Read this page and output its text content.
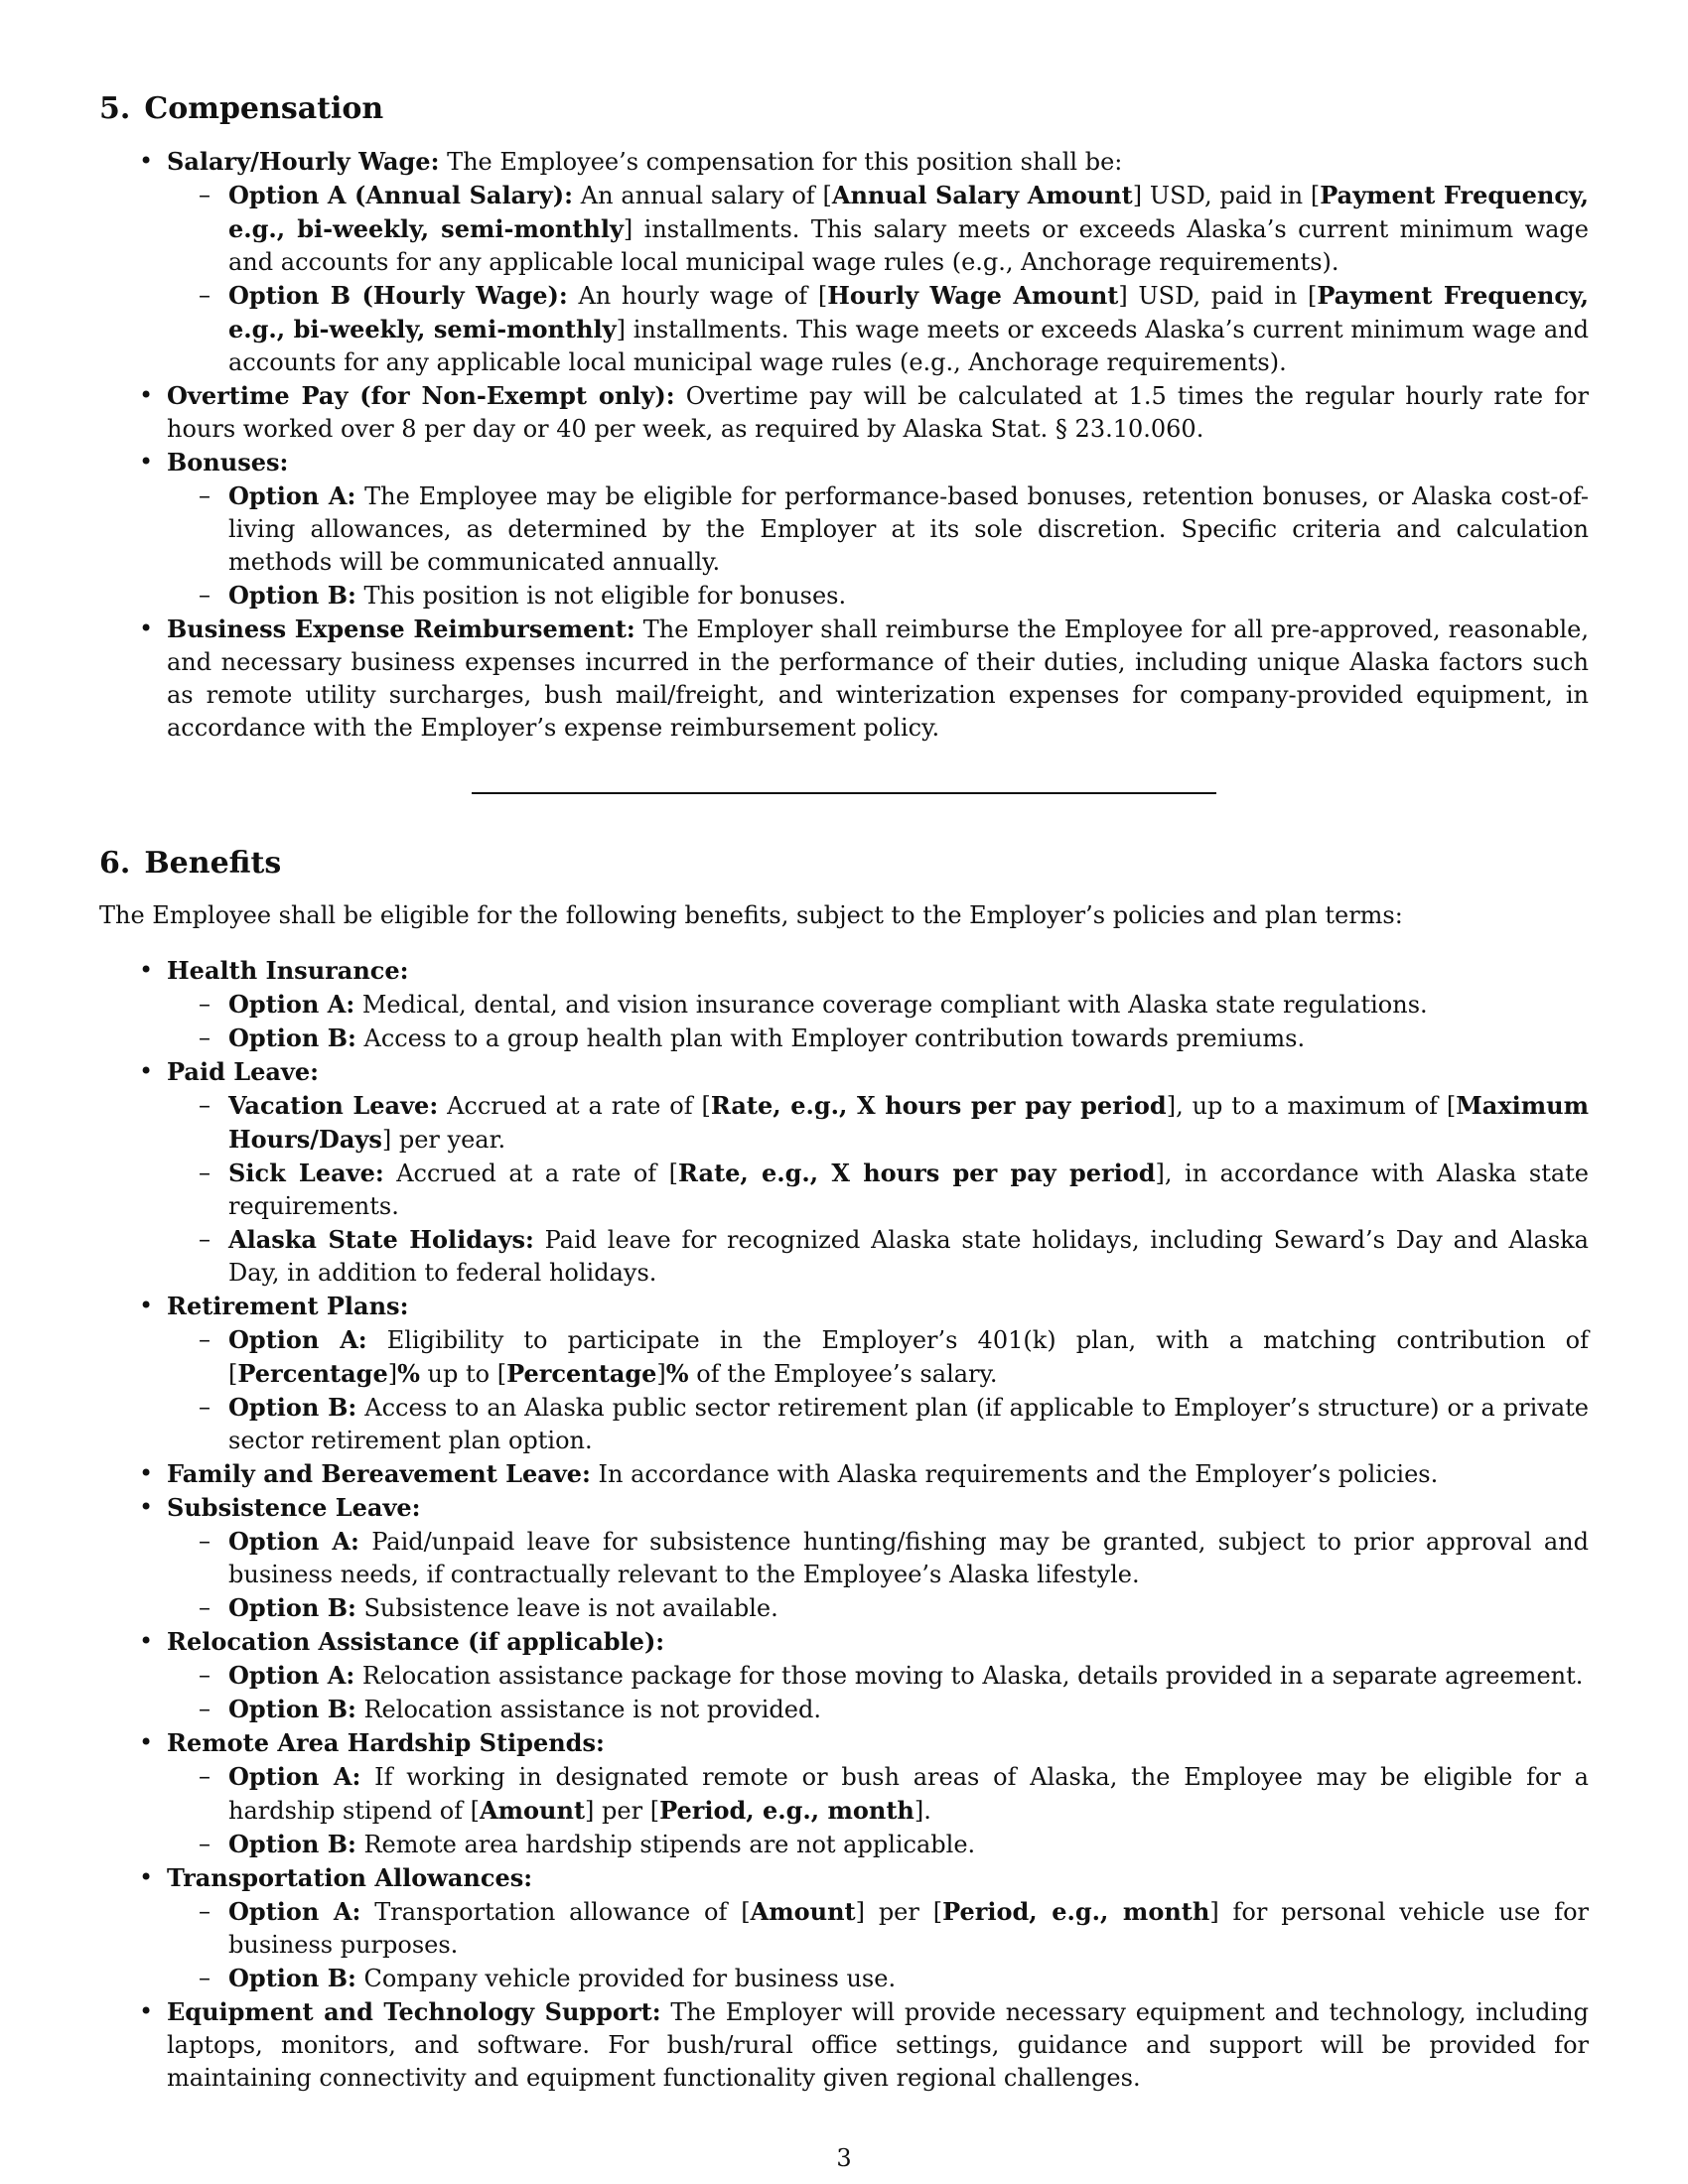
5. Compensation
• Salary/Hourly Wage: The Employee’s compensation for this position shall be:
– Option A (Annual Salary): An annual salary of [Annual Salary Amount] USD, paid in [Payment Frequency, e.g., bi-weekly, semi-monthly] installments. This salary meets or exceeds Alaska’s current minimum wage and accounts for any applicable local municipal wage rules (e.g., Anchorage requirements).
– Option B (Hourly Wage): An hourly wage of [Hourly Wage Amount] USD, paid in [Payment Frequency, e.g., bi-weekly, semi-monthly] installments. This wage meets or exceeds Alaska’s current minimum wage and accounts for any applicable local municipal wage rules (e.g., Anchorage requirements).
• Overtime Pay (for Non-Exempt only): Overtime pay will be calculated at 1.5 times the regular hourly rate for hours worked over 8 per day or 40 per week, as required by Alaska Stat. § 23.10.060.
• Bonuses:
– Option A: The Employee may be eligible for performance-based bonuses, retention bonuses, or Alaska cost-of-living allowances, as determined by the Employer at its sole discretion. Specific criteria and calculation methods will be communicated annually.
– Option B: This position is not eligible for bonuses.
• Business Expense Reimbursement: The Employer shall reimburse the Employee for all pre-approved, reasonable, and necessary business expenses incurred in the performance of their duties, including unique Alaska factors such as remote utility surcharges, bush mail/freight, and winterization expenses for company-provided equipment, in accordance with the Employer’s expense reimbursement policy.
6. Benefits

The Employee shall be eligible for the following benefits, subject to the Employer’s policies and plan terms:

• Health Insurance:
– Option A: Medical, dental, and vision insurance coverage compliant with Alaska state regulations.
– Option B: Access to a group health plan with Employer contribution towards premiums.
• Paid Leave:
– Vacation Leave: Accrued at a rate of [Rate, e.g., X hours per pay period], up to a maximum of [Maximum Hours/Days] per year.
– Sick Leave: Accrued at a rate of [Rate, e.g., X hours per pay period], in accordance with Alaska state requirements.
– Alaska State Holidays: Paid leave for recognized Alaska state holidays, including Seward’s Day and Alaska Day, in addition to federal holidays.
• Retirement Plans:
– Option A: Eligibility to participate in the Employer’s 401(k) plan, with a matching contribution of [Percentage]% up to [Percentage]% of the Employee’s salary.
– Option B: Access to an Alaska public sector retirement plan (if applicable to Employer’s structure) or a private sector retirement plan option.
• Family and Bereavement Leave: In accordance with Alaska requirements and the Employer’s policies.
• Subsistence Leave:
– Option A: Paid/unpaid leave for subsistence hunting/fishing may be granted, subject to prior approval and business needs, if contractually relevant to the Employee’s Alaska lifestyle.
– Option B: Subsistence leave is not available.
• Relocation Assistance (if applicable):
– Option A: Relocation assistance package for those moving to Alaska, details provided in a separate agreement.
– Option B: Relocation assistance is not provided.
• Remote Area Hardship Stipends:
– Option A: If working in designated remote or bush areas of Alaska, the Employee may be eligible for a hardship stipend of [Amount] per [Period, e.g., month].
– Option B: Remote area hardship stipends are not applicable.
• Transportation Allowances:
– Option A: Transportation allowance of [Amount] per [Period, e.g., month] for personal vehicle use for business purposes.
– Option B: Company vehicle provided for business use.
• Equipment and Technology Support: The Employer will provide necessary equipment and technology, including laptops, monitors, and software. For bush/rural office settings, guidance and support will be provided for maintaining connectivity and equipment functionality given regional challenges.
3
